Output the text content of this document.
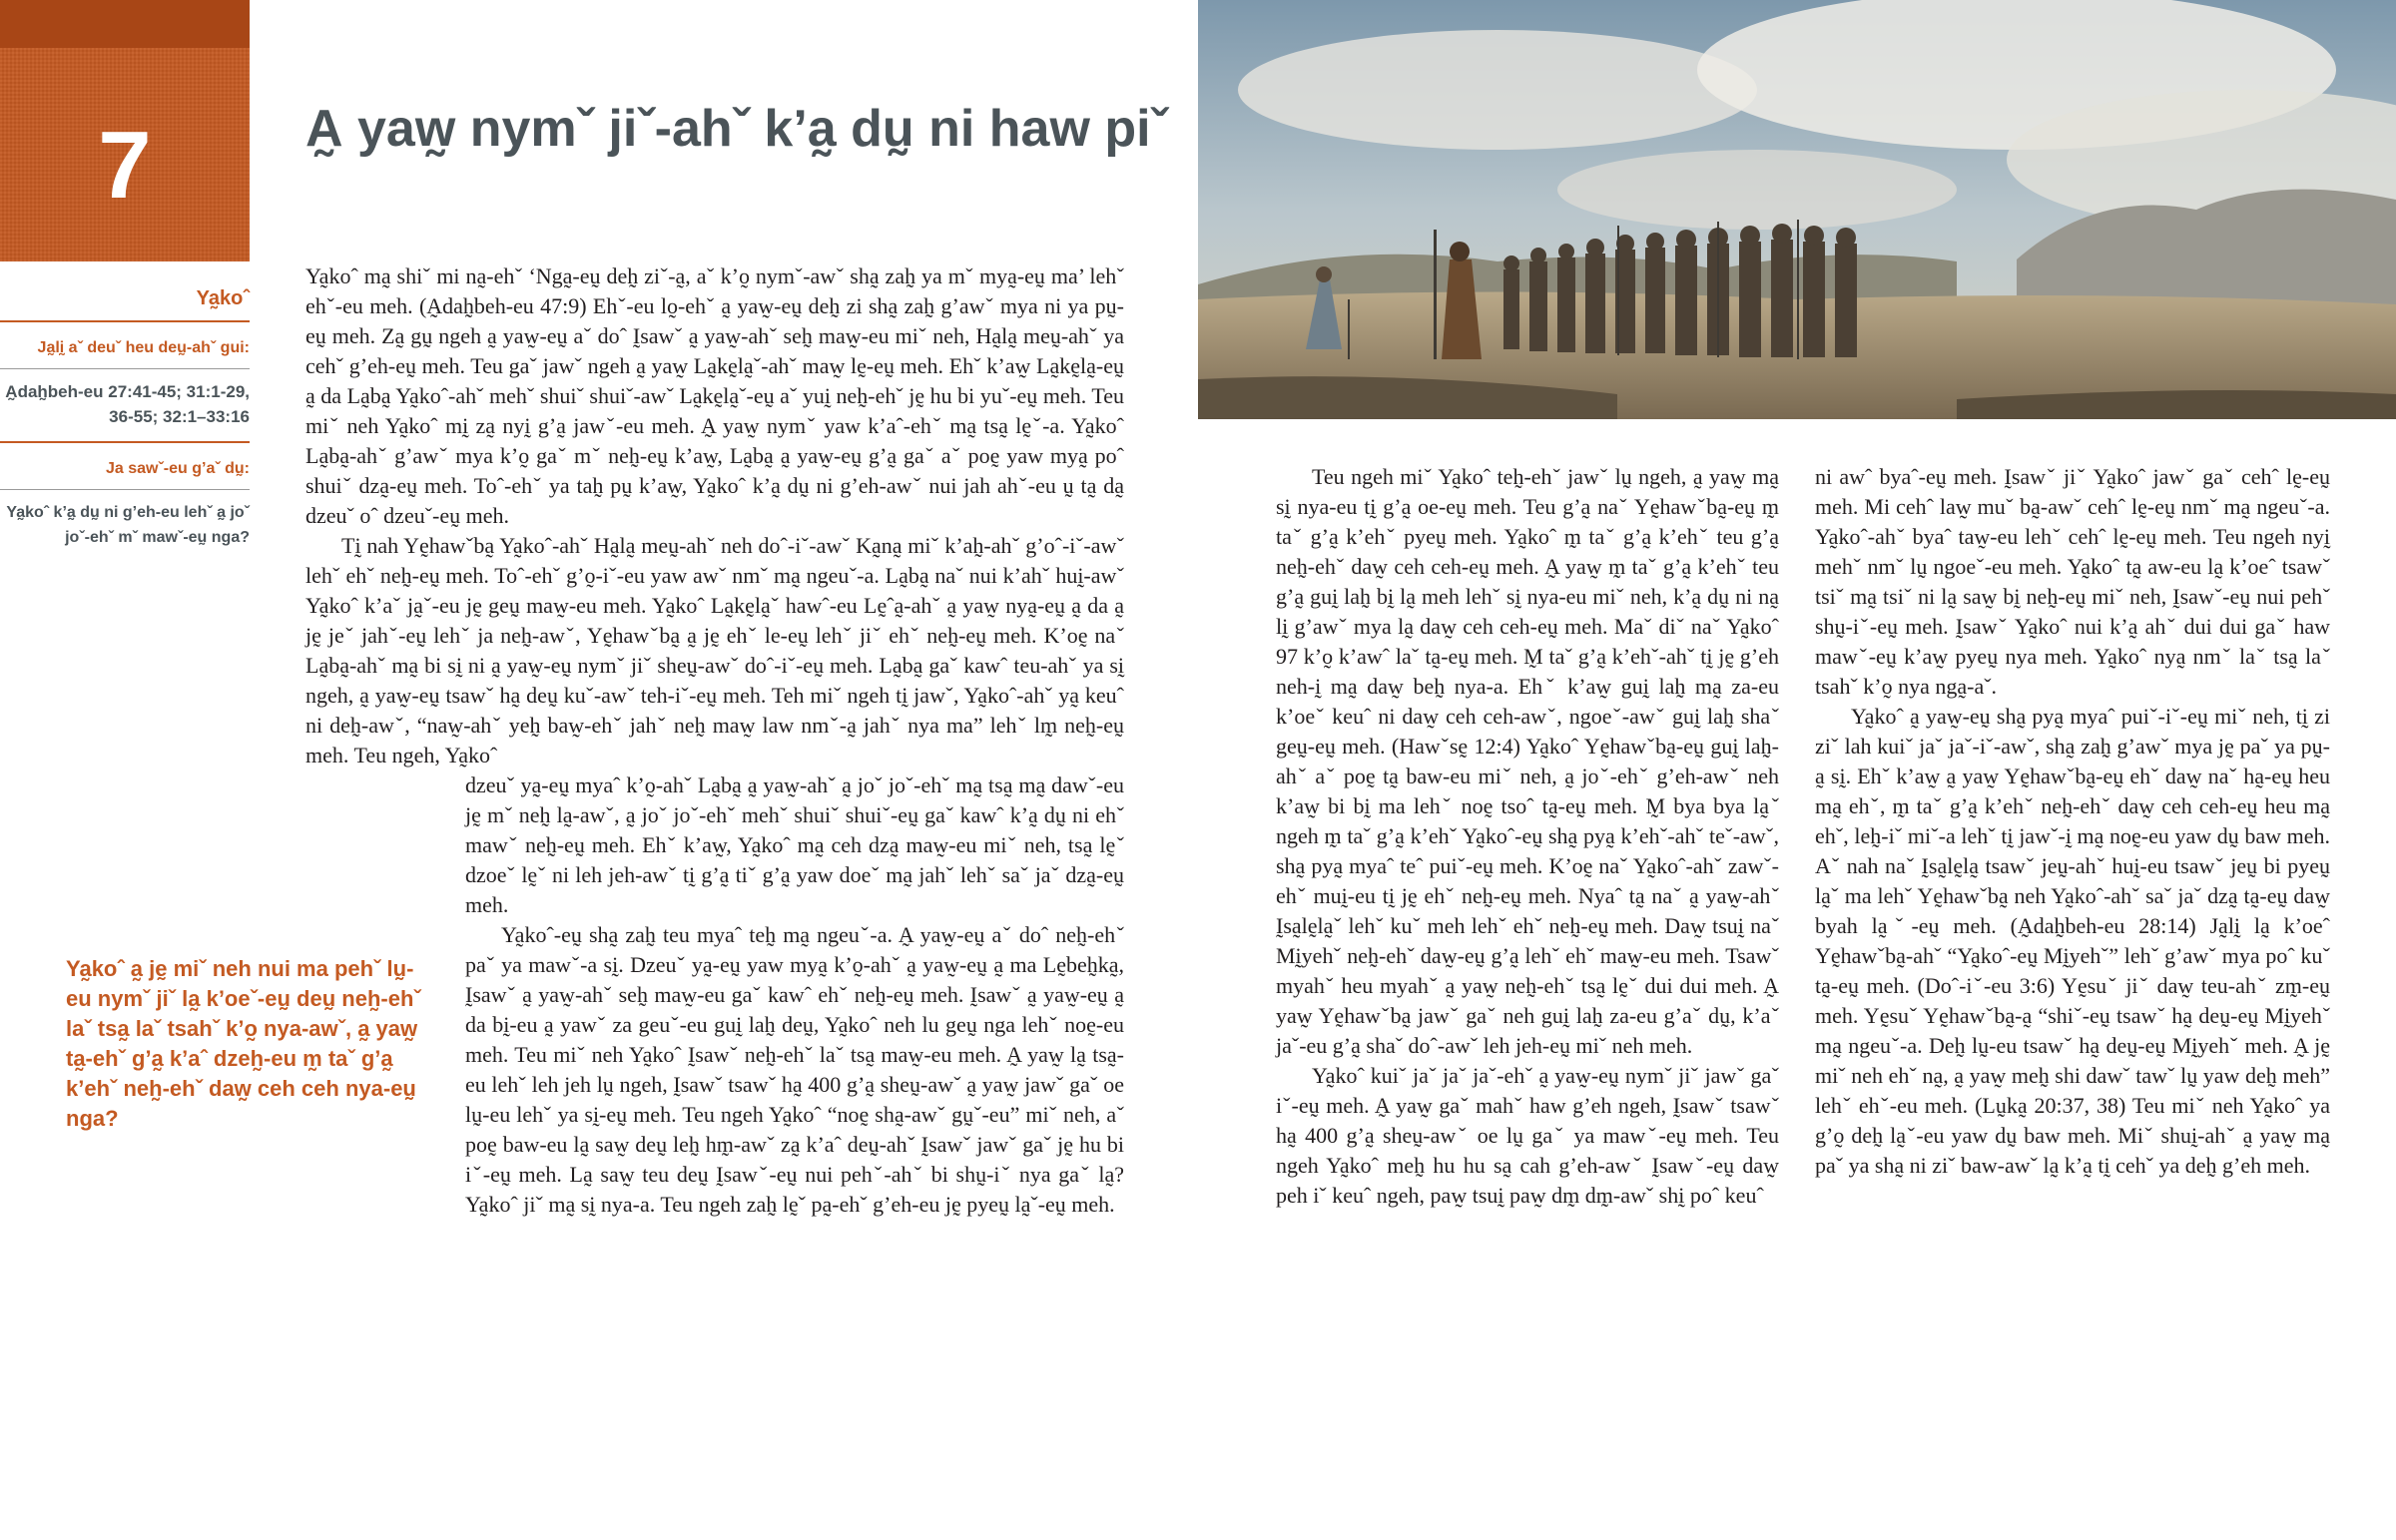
7	A̰ yaw̰ nymˇ jiˇ-ahˇ k’a̰ dṵ ni haw piˇ
Ya̰koˆ
Ja̰lḭ aˇ deuˇ heu deṵ-ahˇ gui:
A̰dah̰beh-eu 27:41-45; 31:1-29, 36-55; 32:1–33:16
Ja sawˇ-eu g’aˇ dṵ:
Ya̰koˆ k’a̰ dṵ ni g’eh-eu lehˇ a̰ joˇ joˇ-ehˇ mˇ mawˇ-eṵ nga?
Ya̰koˆ a̰ jḛ miˇ neh nui ma pehˇ lṵ-eu nymˇ jiˇ la̰ k’oeˇ-eṵ deṵ neh̰-ehˇ laˇ tsa̰ laˇ tsahˇ k’o̰ nya-awˇ, a̰ yaw̰ ta̰-ehˇ g’a̰ k’aˆ dzeh̰-eu m̰ taˇ g’a̰ k’ehˇ neh̰-ehˇ daw̰ ceh ceh nya-eṵ nga?

Ya̰koˆ ma̰ shiˇ mi na̰-ehˇ ‘Nga̰-eṵ deh̰ ziˇ-a̰, aˇ k’o̰ nymˇ-awˇ sha̰ zah̰ ya mˇ mya̰-eṵ ma’ lehˇ ehˇ-eu meh. (A̰dah̰beh-eu 47:9) Ehˇ-eu lo̰-ehˇ a̰ yaw̰-eṵ deh̰ zi sha̰ zah̰ g’awˇ mya ni ya pṵ-eṵ meh. Za̰ gṵ ngeh a̰ yaw̰-eṵ aˇ doˆ Ḭsawˇ a̰ yaw̰-ahˇ seh̰ maw̰-eu miˇ neh, Ha̰la̰ meṵ-ahˇ ya cehˇ g’eh-eṵ meh. Teu gaˇ jawˇ ngeh a̰ yaw̰ La̰kḛla̰ˇ-ahˇ maw̰ lḛ-eṵ meh. Ehˇ k’aw̰ La̰kḛla̰-eṵ a̰ da La̰ba̰ Ya̰koˆ-ahˇ mehˇ shuiˇ shuiˇ-awˇ La̰kḛla̰ˇ-eṵ aˇ yuḭ neh̰-ehˇ jḛ hu bi yuˇ-eṵ meh. Teu miˇ neh Ya̰koˆ mḭ za̰ nyḭ g’a̰ jawˇ-eu meh. A̰ yaw̰ nymˇ yaw k’aˆ-ehˇ ma̰ tsa̰ lḛˇ-a. Ya̰koˆ La̰ba̰-ahˇ g’awˇ mya k’o̰ gaˇ mˇ neh̰-eṵ k’aw̰, La̰ba̰ a̰ yaw̰-eṵ g’a̰ gaˇ aˇ poḛ yaw mya̰ poˆ shuiˇ dza̰-eṵ meh. Toˆ-ehˇ ya tah̰ pṵ k’aw̰, Ya̰koˆ k’a̰ dṵ ni g’eh-awˇ nui jah ahˇ-eu ṵ ta̰ da̰ dzeuˇ oˆ dzeuˇ-eṵ meh.

Tḭ nah Yḛhawˇba̰ Ya̰koˆ-ahˇ Ha̰la̰ meṵ-ahˇ neh doˆ-iˇ-awˇ Ka̰na̰ miˇ k’ah̰-ahˇ g’oˆ-iˇ-awˇ lehˇ ehˇ neh̰-eṵ meh. Toˆ-ehˇ g’o̰-iˇ-eu yaw awˇ nmˇ ma̰ ngeuˇ-a. La̰ba̰ naˇ nui k’ahˇ huḭ-awˇ Ya̰koˆ k’aˇ ja̰ˇ-eu jḛ geṵ maw̰-eu meh. Ya̰koˆ La̰kḛla̰ˇ hawˆ-eu Lḛˆa̰-ahˇ a̰ yaw̰ nya̰-eṵ a̰ da a̰ jḛ jeˇ jahˇ-eṵ lehˇ ja neh̰-awˇ, Yḛhawˇba̰ a̰ jḛ ehˇ le-eṵ lehˇ jiˇ ehˇ neh̰-eṵ meh. K’oḛ naˇ La̰ba̰-ahˇ ma̰ bi sḭ ni a̰ yaw̰-eṵ nymˇ jiˇ sheṵ-awˇ doˆ-iˇ-eṵ meh. La̰ba̰ gaˇ kawˆ teu-ahˇ ya sḭ ngeh, a̰ yaw̰-eṵ tsawˇ ha̰ deṵ kuˇ-awˇ teh-iˇ-eṵ meh. Teh miˇ ngeh tḭ jawˇ, Ya̰koˆ-ahˇ ya̰ keuˆ ni deh̰-awˇ, “naw̰-ahˇ yeh̰ baw̰-ehˇ jahˇ neh̰ maw̰ law nmˇ-a̰ jahˇ nya ma” lehˇ lm̰ neh̰-eṵ meh. Teu ngeh, Ya̰koˆ

dzeuˇ ya̰-eṵ myaˆ k’o̰-ahˇ La̰ba̰ a̰ yaw̰-ahˇ a̰ joˇ joˇ-ehˇ ma̰ tsa̰ ma̰ dawˇ-eu jḛ mˇ neh̰ la̰-awˇ, a̰ joˇ joˇ-ehˇ mehˇ shuiˇ shuiˇ-eṵ gaˇ kawˆ k’a̰ dṵ ni ehˇ mawˇ neh̰-eṵ meh. Ehˇ k’aw̰, Ya̰koˆ ma̰ ceh dza̰ maw̰-eu miˇ neh, tsa̰ lḛˇ dzoeˇ lḛˇ ni leh jeh-awˇ tḭ g’a̰ tiˇ g’a̰ yaw doeˇ ma̰ jahˇ lehˇ saˇ jaˇ dza̰-eṵ meh.

Ya̰koˆ-eṵ sha̰ zah̰ teu myaˆ teh̰ ma̰ ngeuˇ-a. A̰ yaw̰-eṵ aˇ doˆ neh̰-ehˇ paˇ ya mawˇ-a sḭ. Dzeuˇ ya̰-eṵ yaw mya̰ k’o̰-ahˇ a̰ yaw̰-eṵ a̰ ma Lḛbeh̰ka̰, Ḭsawˇ a̰ yaw̰-ahˇ seh̰ maw̰-eu gaˇ kawˆ ehˇ neh̰-eṵ meh. Ḭsawˇ a̰ yaw̰-eṵ a̰ da bḭ-eu a̰ yawˇ za geuˇ-eu guḭ lah̰ deṵ, Ya̰koˆ neh lu geṵ nga lehˇ noḛ-eu meh. Teu miˇ neh Ya̰koˆ Ḭsawˇ neh̰-ehˇ laˇ tsa̰ maw̰-eu meh. A̰ yaw̰ la̰ tsa̰-eu lehˇ leh jeh lṵ ngeh, Ḭsawˇ tsawˇ ha̰ 400 g’a̰ sheṵ-awˇ a̰ yaw̰ jawˇ gaˇ oe lṵ-eu lehˇ ya sḭ-eṵ meh. Teu ngeh Ya̰koˆ “noḛ sha̰-awˇ gṵˇ-eu” miˇ neh, aˇ poḛ baw-eu la̰ saw̰ deṵ leh̰ hm̰-awˇ za̰ k’aˆ deṵ-ahˇ Ḭsawˇ jawˇ gaˇ jḛ hu bi iˇ-eṵ meh. La̰ saw̰ teu deṵ Ḭsawˇ-eṵ nui pehˇ-ahˇ bi shṵ-iˇ nya gaˇ la̰? Ya̰koˆ jiˇ ma̰ sḭ nya-a. Teu ngeh zah̰ lḛˇ pa̰-ehˇ g’eh-eu jḛ pyeṵ la̰ˇ-eṵ meh.

Teu ngeh miˇ Ya̰koˆ teh̰-ehˇ jawˇ lṵ ngeh, a̰ yaw̰ ma̰ sḭ nya-eu tḭ g’a̰ oe-eṵ meh. Teu g’a̰ naˇ Yḛhawˇba̰-eṵ m̰ taˇ g’a̰ k’ehˇ pyeṵ meh. Ya̰koˆ m̰ taˇ g’a̰ k’ehˇ teu g’a̰ neh̰-ehˇ daw̰ ceh ceh-eṵ meh. A̰ yaw̰ m̰ taˇ g’a̰ k’ehˇ teu g’a̰ guḭ lah̰ bḭ la̰ meh lehˇ sḭ nya-eu miˇ neh, k’a̰ dṵ ni na̰ lḭ g’awˇ mya la̰ daw̰ ceh ceh-eṵ meh. Maˇ diˇ naˇ Ya̰koˆ 97 k’o̰ k’awˆ laˇ ta̰-eṵ meh. M̰ taˇ g’a̰ k’ehˇ-ahˇ tḭ jḛ g’eh neh-ḭ ma̰ daw̰ beh̰ nya-a. Ehˇ k’aw̰ guḭ lah̰ ma̰ za-eu k’oeˇ keuˆ ni daw̰ ceh ceh-awˇ, ngoeˇ-awˇ guḭ lah̰ shaˇ geṵ-eṵ meh. (Hawˇsḛ 12:4) Ya̰koˆ Yḛhawˇba̰-eṵ guḭ lah̰-ahˇ aˇ poḛ ta̰ baw-eu miˇ neh, a̰ joˇ-ehˇ g’eh-awˇ neh k’aw̰ bi bḭ ma lehˇ noḛ tsoˆ ta̰-eṵ meh. M̰ bya bya la̰ˇ ngeh m̰ taˇ g’a̰ k’ehˇ Ya̰koˆ-eṵ sha̰ pya̰ k’ehˇ-ahˇ teˇ-awˇ, sha̰ pya̰ myaˆ teˆ puiˇ-eṵ meh. K’oḛ naˇ Ya̰koˆ-ahˇ zawˇ-ehˇ muḭ-eu tḭ jḛ ehˇ neh̰-eṵ meh. Nyaˆ ta̰ naˇ a̰ yaw̰-ahˇ Ḭsa̰lḛla̰ˇ lehˇ kuˇ meh lehˇ ehˇ neh̰-eṵ meh. Daw̰ tsuḭ naˇ Mḭyehˇ neh̰-ehˇ daw̰-eṵ g’a̰ lehˇ ehˇ maw̰-eu meh. Tsawˇ myahˇ heu myahˇ a̰ yaw̰ neh̰-ehˇ tsa̰ lḛˇ dui dui meh. A̰ yaw̰ Yḛhawˇba̰ jawˇ gaˇ neh guḭ lah̰ za-eu g’aˇ dṵ, k’aˇ jaˇ-eu g’a̰ shaˇ doˆ-awˇ leh jeh-eṵ miˇ neh meh.

Ya̰koˆ kuiˇ jaˇ jaˇ jaˇ-ehˇ a̰ yaw̰-eṵ nymˇ jiˇ jawˇ gaˇ iˇ-eṵ meh. A̰ yaw̰ gaˇ mahˇ haw g’eh ngeh, Ḭsawˇ tsawˇ ha̰ 400 g’a̰ sheṵ-awˇ oe lṵ gaˇ ya mawˇ-eṵ meh. Teu ngeh Ya̰koˆ meh̰ hu hu sa̰ cah g’eh-awˇ Ḭsawˇ-eṵ daw̰ peh iˇ keuˆ ngeh, paw̰ tsuḭ paw̰ dm̰ dm̰-awˇ shḭ poˆ keuˆ

ni awˆ byaˆ-eṵ meh. Ḭsawˇ jiˇ Ya̰koˆ jawˇ gaˇ cehˆ lḛ-eṵ meh. Mi cehˆ law̰ muˇ ba̰-awˇ cehˆ lḛ-eṵ nmˇ ma̰ ngeuˇ-a. Ya̰koˆ-ahˇ byaˆ taw̰-eu lehˇ cehˆ lḛ-eṵ meh. Teu ngeh nyḭ mehˇ nmˇ lṵ ngoeˇ-eu meh. Ya̰koˆ ta̰ aw-eu la̰ k’oeˆ tsawˇ tsiˇ ma̰ tsiˇ ni la̰ saw̰ bḭ neh̰-eṵ miˇ neh, Ḭsawˇ-eṵ nui pehˇ shṵ-iˇ-eṵ meh. Ḭsawˇ Ya̰koˆ nui k’a̰ ahˇ dui dui gaˇ haw mawˇ-eṵ k’aw̰ pyeṵ nya meh. Ya̰koˆ nya̰ nmˇ laˇ tsa̰ laˇ tsahˇ k’o̰ nya nga̰-aˇ.

Ya̰koˆ a̰ yaw̰-eṵ sha̰ pya̰ myaˆ puiˇ-iˇ-eṵ miˇ neh, tḭ zi ziˇ lah kuiˇ jaˇ jaˇ-iˇ-awˇ, sha̰ zah̰ g’awˇ mya jḛ paˇ ya pṵ-a̰ sḭ. Ehˇ k’aw̰ a̰ yaw̰ Yḛhawˇba̰-eṵ ehˇ daw̰ naˇ ha̰-eṵ heu ma̰ ehˇ, m̰ taˇ g’a̰ k’ehˇ neh̰-ehˇ daw̰ ceh ceh-eṵ heu ma̰ ehˇ, leh̰-iˇ miˇ-a lehˇ tḭ jawˇ-ḭ ma̰ noḛ-eu yaw dṵ baw meh. Aˇ nah naˇ Ḭsa̰lḛla̰ tsawˇ jeṵ-ahˇ huḭ-eu tsawˇ jeṵ bi pyeṵ la̰ˇ ma lehˇ Yḛhawˇba̰ neh Ya̰koˆ-ahˇ saˇ jaˇ dza̰ ta̰-eṵ daw̰ byah la̰ˇ-eṵ meh. (A̰dah̰beh-eu 28:14) Ja̰lḭ la̰ k’oeˆ Yḛhawˇba̰-ahˇ “Ya̰koˆ-eṵ Mḭyehˇ” lehˇ g’awˇ mya poˆ kuˇ ta̰-eṵ meh. (Doˆ-iˇ-eu 3:6) Yḛsuˇ jiˇ daw̰ teu-ahˇ zm̰-eṵ meh. Yḛsuˇ Yḛhawˇba̰-a̰ “shiˇ-eṵ tsawˇ ha̰ deṵ-eṵ Mḭyehˇ ma̰ ngeuˇ-a. Deh̰ lṵ-eu tsawˇ ha̰ deṵ-eṵ Mḭyehˇ meh. A̰ jḛ miˇ neh ehˇ na̰, a̰ yaw̰ meh̰ shi dawˇ tawˇ lṵ yaw deh̰ meh” lehˇ ehˇ-eu meh. (Lṵka̰ 20:37, 38) Teu miˇ neh Ya̰koˆ ya g’o̰ deh̰ la̰ˇ-eu yaw dṵ baw meh. Miˇ shuḭ-ahˇ a̰ yaw̰ ma̰ paˇ ya sha̰ ni ziˇ baw-awˇ la̰ k’a̰ tḭ cehˇ ya deh̰ g’eh meh.
